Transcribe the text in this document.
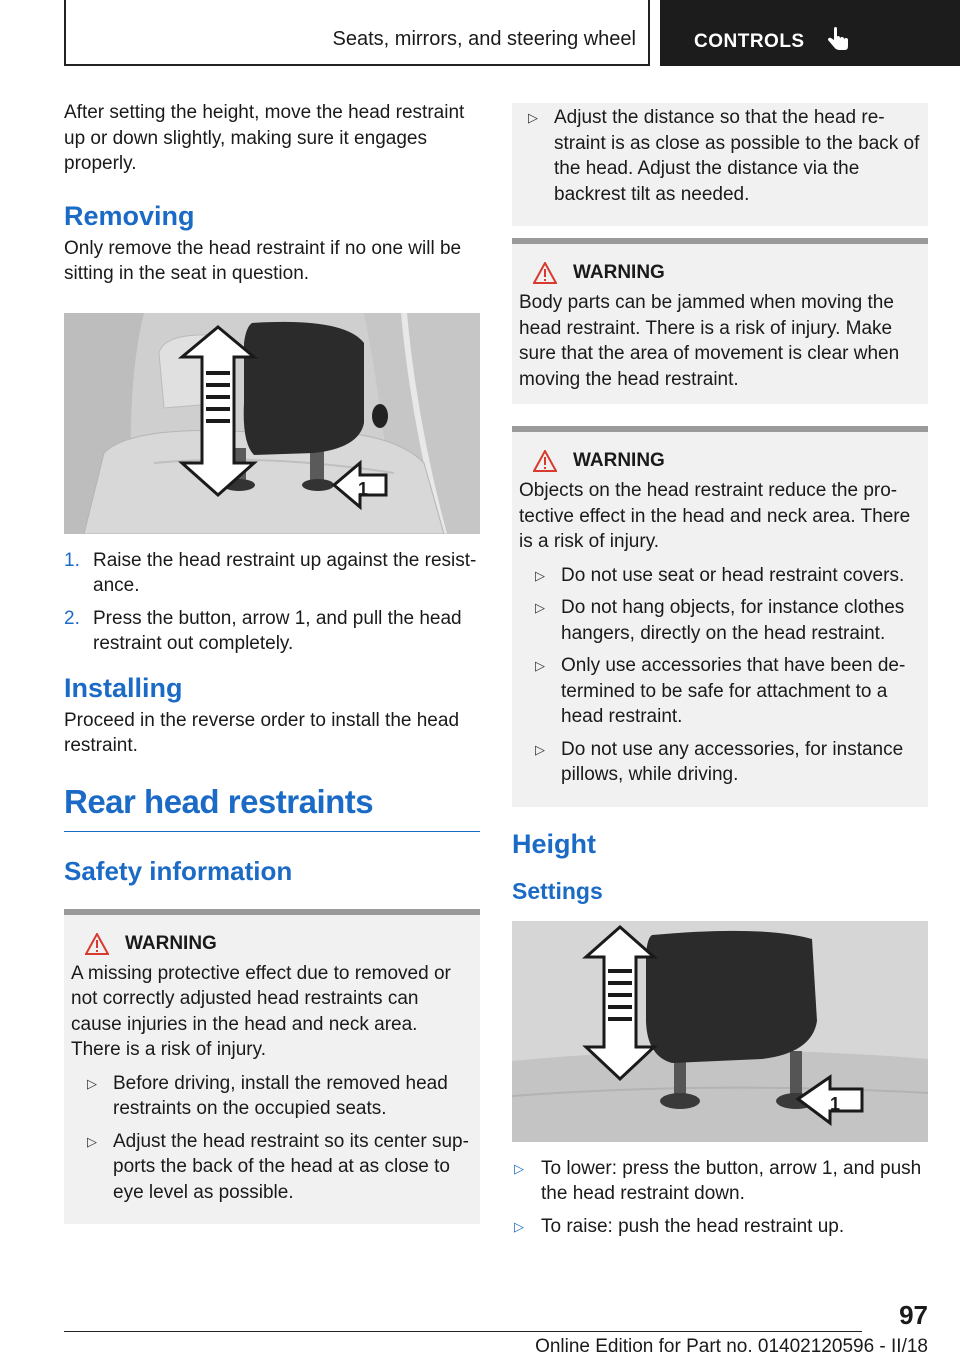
Seats, mirrors, and steering wheel	CONTROLS

After setting the height, move the head restraint up or down slightly, making sure it engages properly.

Removing

Only remove the head restraint if no one will be sitting in the seat in question.

1
1. Raise the head restraint up against the resist-ance.
2. Press the button, arrow 1, and pull the head restraint out completely.
Installing

Proceed in the reverse order to install the head restraint.

Rear head restraints
Safety information
WARNING

A missing protective effect due to removed or not correctly adjusted head restraints can cause injuries in the head and neck area. There is a risk of injury.

▷ Before driving, install the removed head restraints on the occupied seats.
▷ Adjust the head restraint so its center sup-ports the back of the head at as close to eye level as possible.
▷ Adjust the distance so that the head re-straint is as close as possible to the back of the head. Adjust the distance via the backrest tilt as needed.
WARNING

Body parts can be jammed when moving the head restraint. There is a risk of injury. Make sure that the area of movement is clear when moving the head restraint.

WARNING

Objects on the head restraint reduce the pro-tective effect in the head and neck area. There is a risk of injury.

▷ Do not use seat or head restraint covers.
▷ Do not hang objects, for instance clothes hangers, directly on the head restraint.
▷ Only use accessories that have been de-termined to be safe for attachment to a head restraint.
▷ Do not use any accessories, for instance pillows, while driving.
Height
Settings
1
▷ To lower: press the button, arrow 1, and push the head restraint down.
▷ To raise: push the head restraint up.
97
Online Edition for Part no. 01402120596 - II/18
